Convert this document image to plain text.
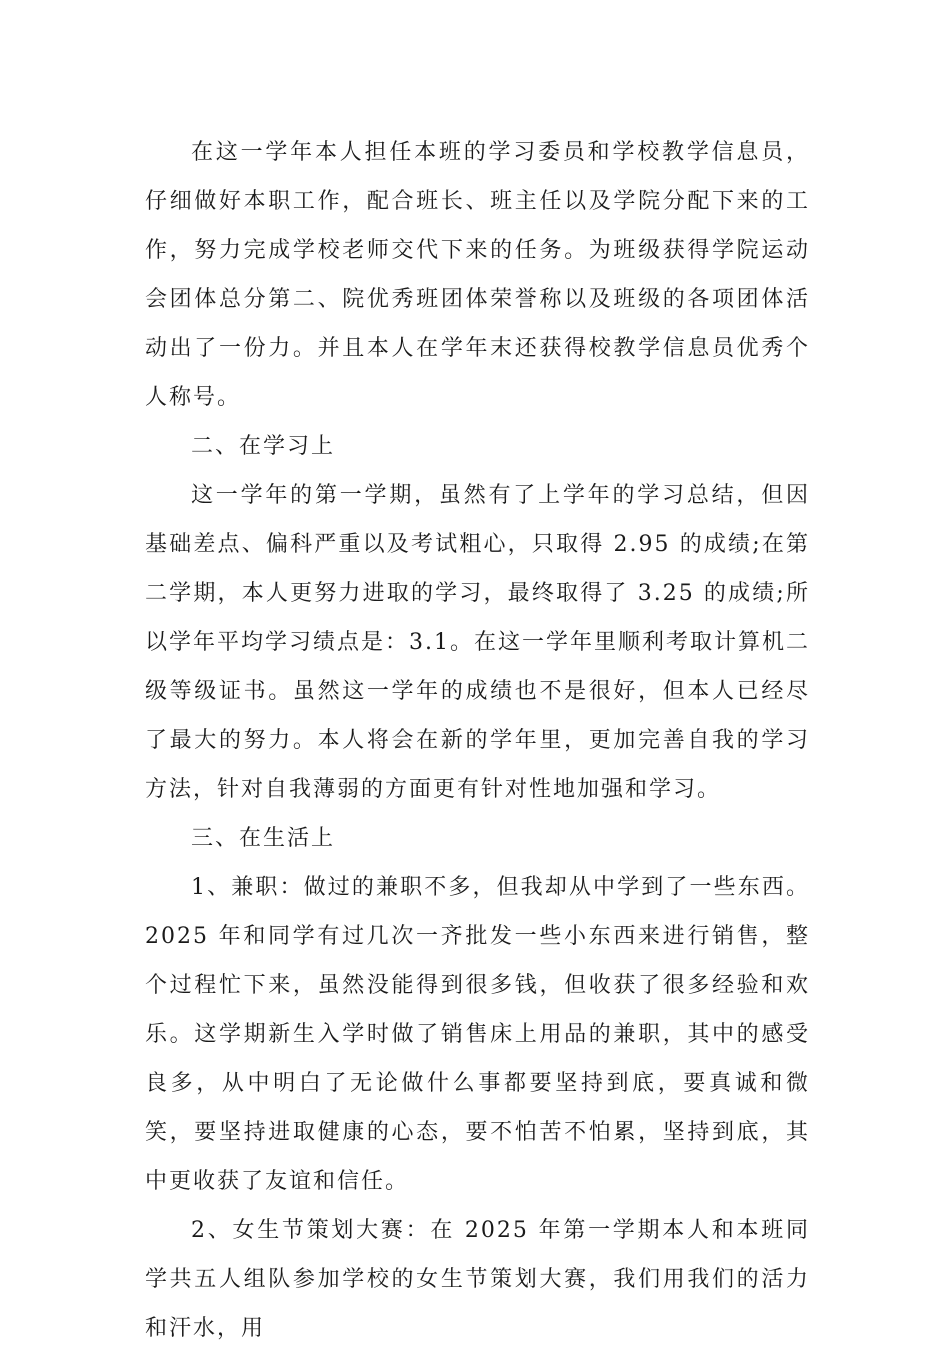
在这一学年本人担任本班的学习委员和学校教学信息员，仔细做好本职工作，配合班长、班主任以及学院分配下来的工作，努力完成学校老师交代下来的任务。为班级获得学院运动会团体总分第二、院优秀班团体荣誉称以及班级的各项团体活动出了一份力。并且本人在学年末还获得校教学信息员优秀个人称号。

二、在学习上

这一学年的第一学期，虽然有了上学年的学习总结，但因基础差点、偏科严重以及考试粗心，只取得 2.95 的成绩;在第二学期，本人更努力进取的学习，最终取得了 3.25 的成绩;所以学年平均学习绩点是：3.1。在这一学年里顺利考取计算机二级等级证书。虽然这一学年的成绩也不是很好，但本人已经尽了最大的努力。本人将会在新的学年里，更加完善自我的学习方法，针对自我薄弱的方面更有针对性地加强和学习。

三、在生活上

1、兼职：做过的兼职不多，但我却从中学到了一些东西。2025 年和同学有过几次一齐批发一些小东西来进行销售，整个过程忙下来，虽然没能得到很多钱，但收获了很多经验和欢乐。这学期新生入学时做了销售床上用品的兼职，其中的感受良多，从中明白了无论做什么事都要坚持到底，要真诚和微笑，要坚持进取健康的心态，要不怕苦不怕累，坚持到底，其中更收获了友谊和信任。

2、女生节策划大赛：在 2025 年第一学期本人和本班同学共五人组队参加学校的女生节策划大赛，我们用我们的活力和汗水，用
